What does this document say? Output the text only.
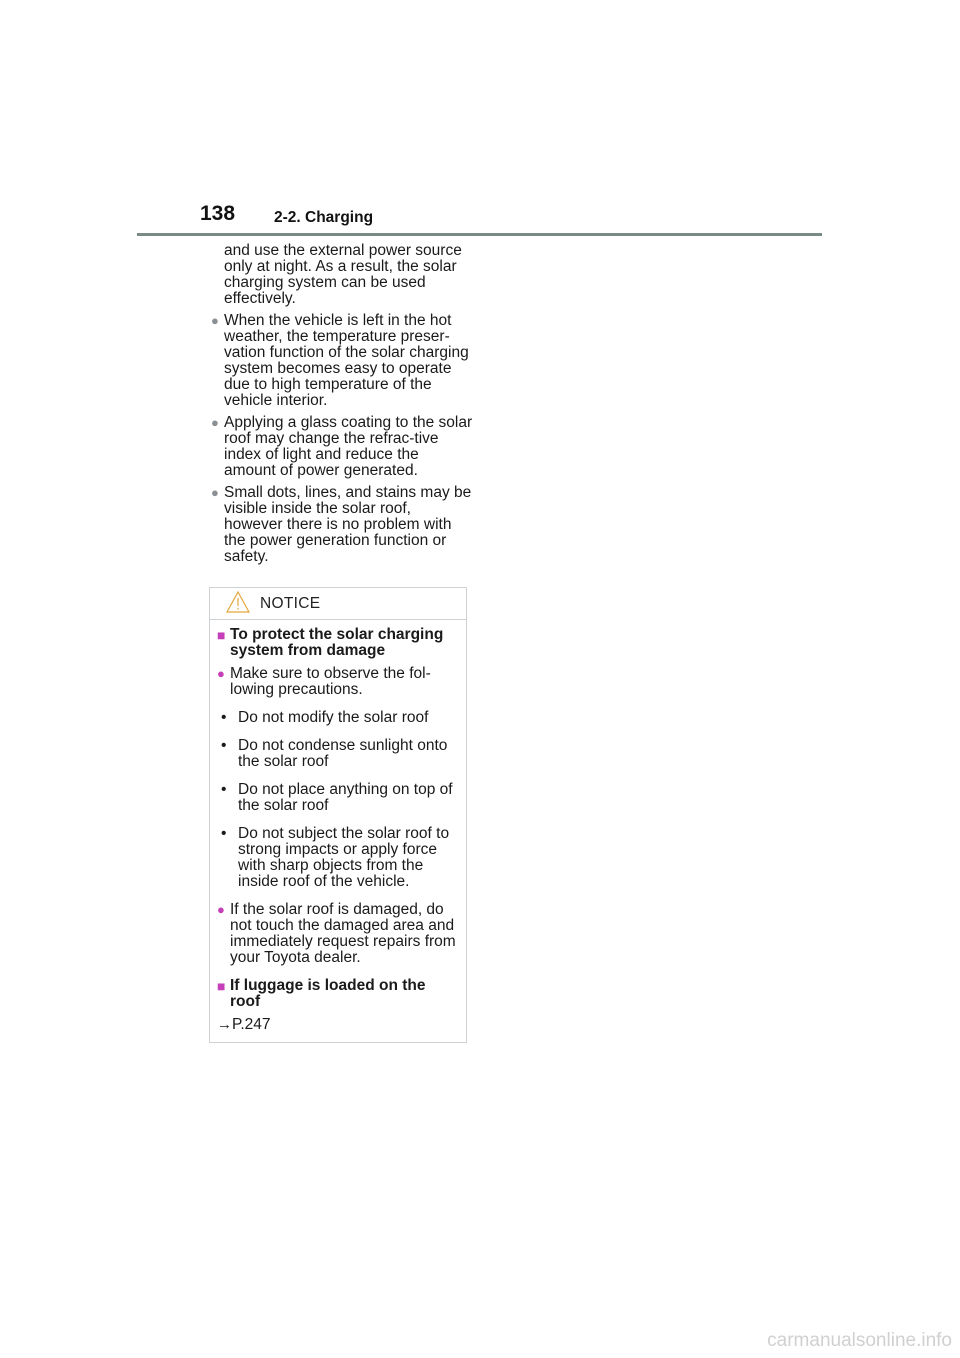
138	2-2. Charging

and use the external power source only at night. As a result, the solar charging system can be used effectively.

● When the vehicle is left in the hot weather, the temperature preser-vation function of the solar charging system becomes easy to operate due to high temperature of the vehicle interior.
● Applying a glass coating to the solar roof may change the refrac-tive index of light and reduce the amount of power generated.
● Small dots, lines, and stains may be visible inside the solar roof, however there is no problem with the power generation function or safety.
NOTICE
■ To protect the solar charging system from damage
● Make sure to observe the fol-lowing precautions.
• Do not modify the solar roof
• Do not condense sunlight onto the solar roof
• Do not place anything on top of the solar roof
• Do not subject the solar roof to strong impacts or apply force with sharp objects from the inside roof of the vehicle.
● If the solar roof is damaged, do not touch the damaged area and immediately request repairs from your Toyota dealer.
■ If luggage is loaded on the roof
→P.247
carmanualsonline.info
